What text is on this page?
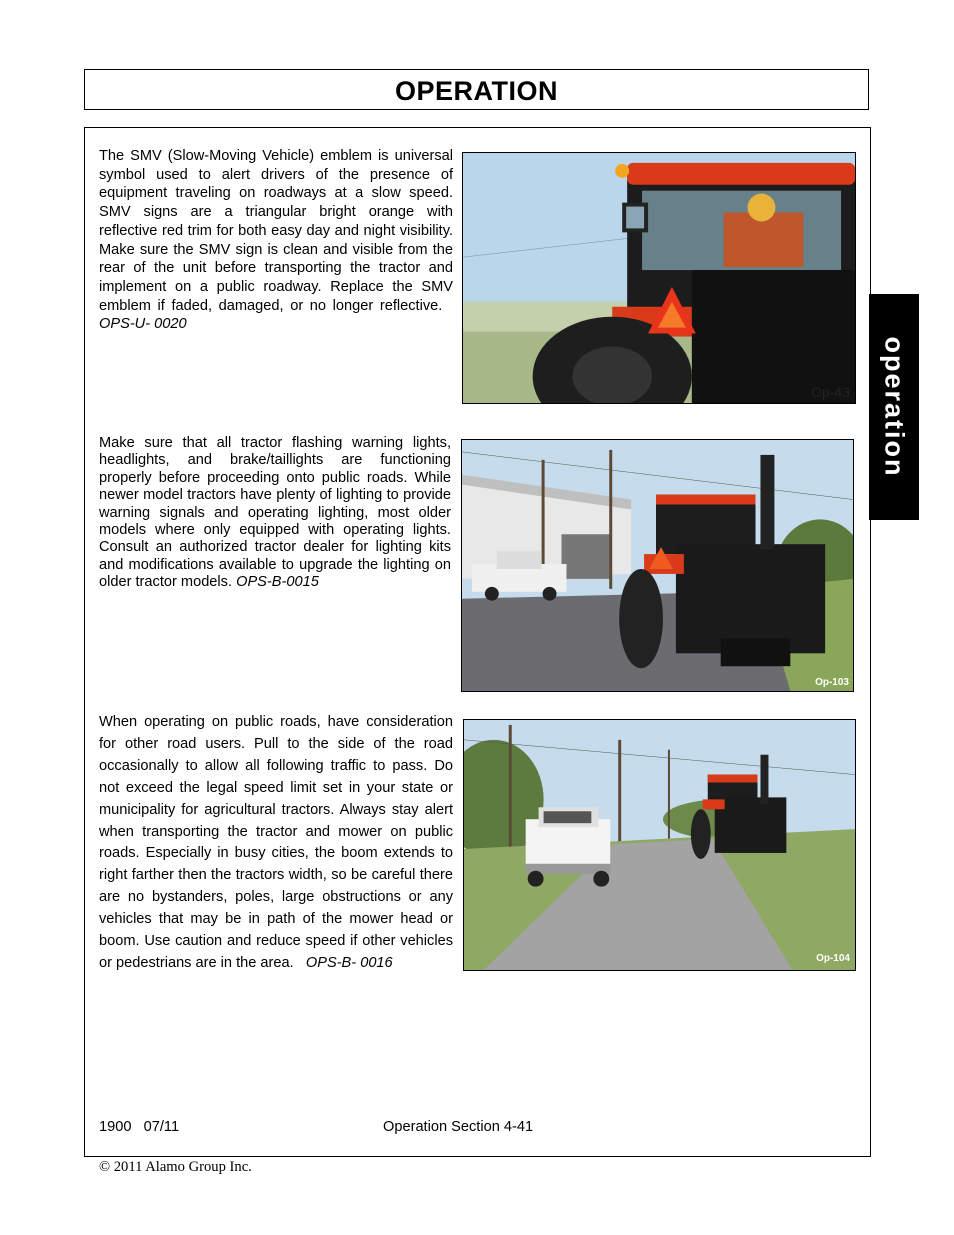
OPERATION
operation
The SMV (Slow-Moving Vehicle) emblem is universal symbol used to alert drivers of the presence of equipment traveling on roadways at a slow speed. SMV signs are a triangular bright orange with reflective red trim for both easy day and night visibility. Make sure the SMV sign is clean and visible from the rear of the unit before transporting the tractor and implement on a public roadway. Replace the SMV emblem if faded, damaged, or no longer reflective.   OPS-U- 0020
Op-43
Make sure that all tractor flashing warning lights, headlights, and brake/taillights are functioning properly before proceeding onto public roads. While newer model tractors have plenty of lighting to provide warning signals and operating lighting, most older models where only equipped with operating lights. Consult an authorized tractor dealer for lighting kits and modifications available to upgrade the lighting on older tractor models. OPS-B-0015
Op-103
When operating on public roads, have consideration for other road users. Pull to the side of the road occasionally to allow all following traffic to pass. Do not exceed the legal speed limit set in your state or municipality for agricultural tractors. Always stay alert when transporting the tractor and mower on public roads. Especially in busy cities, the boom extends to right farther then the tractors width, so be careful there are no bystanders, poles, large obstructions or any vehicles that may be in path of the mower head or boom. Use caution and reduce speed if other vehicles or pedestrians are in the area. OPS-B- 0016	Op-104
1900   07/11	Operation Section 4-41
© 2011 Alamo Group Inc.
